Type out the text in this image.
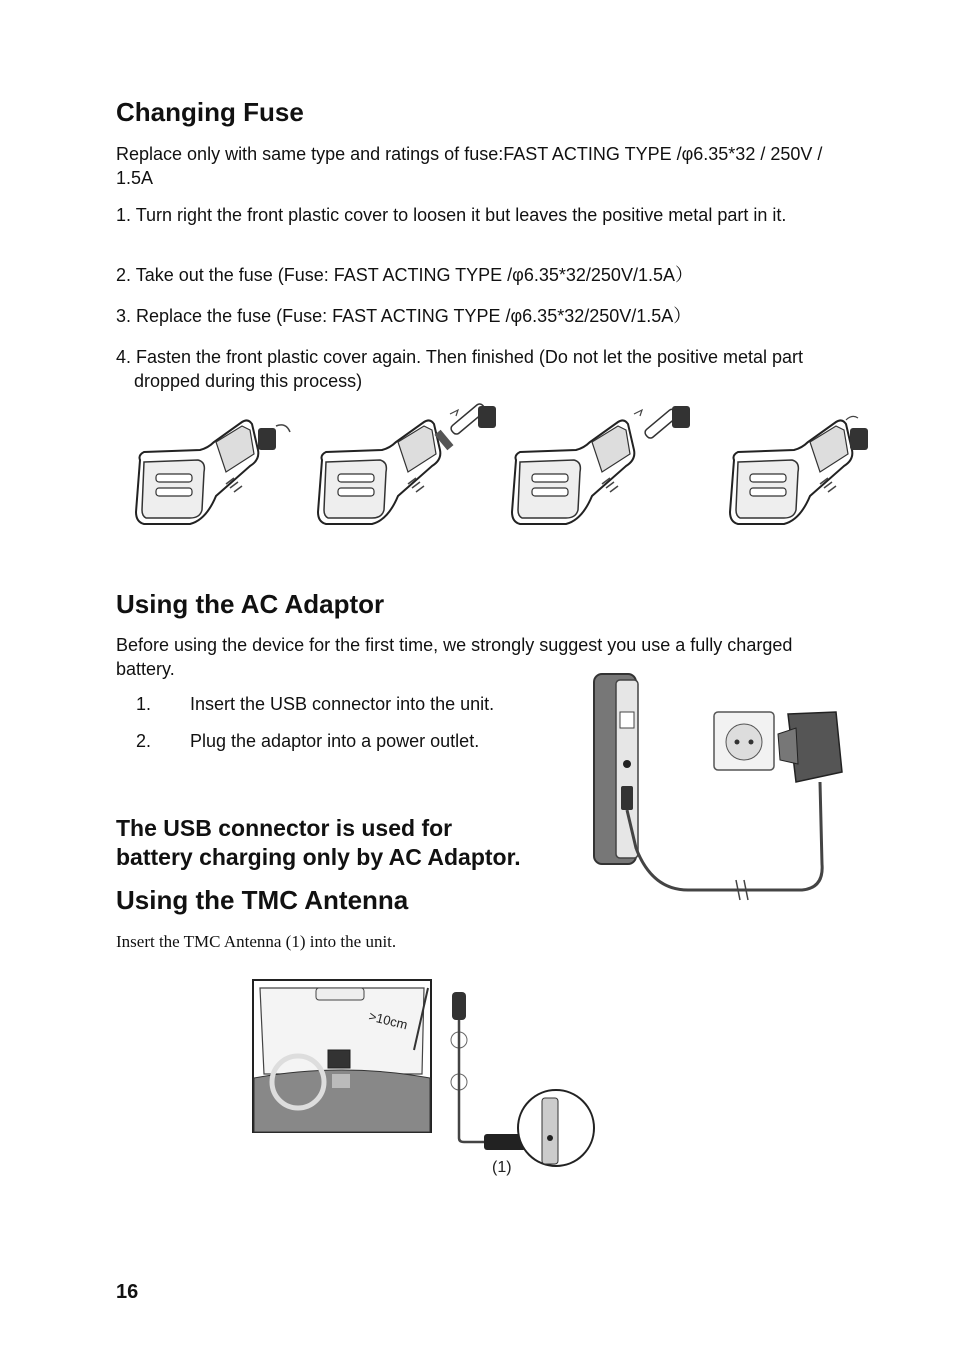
Changing Fuse

Replace only with same type and ratings of fuse:FAST ACTING TYPE /φ6.35*32 / 250V / 1.5A

1. Turn right the front plastic cover to loosen it but leaves the positive metal part in it.

2. Take out the fuse (Fuse: FAST ACTING TYPE /φ6.35*32/250V/1.5A）

3. Replace the fuse (Fuse: FAST ACTING TYPE /φ6.35*32/250V/1.5A）

4. Fasten the front plastic cover again. Then finished (Do not let the positive metal part dropped during this process)

Using the AC Adaptor

Before using the device for the first time, we strongly suggest you use a fully charged battery.

1. Insert the USB connector into the unit.
2. Plug the adaptor into a power outlet.
The USB connector is used for
battery charging only by AC Adaptor.
Using the TMC Antenna

Insert the TMC Antenna (1) into the unit.

>10cm
(1)
16
